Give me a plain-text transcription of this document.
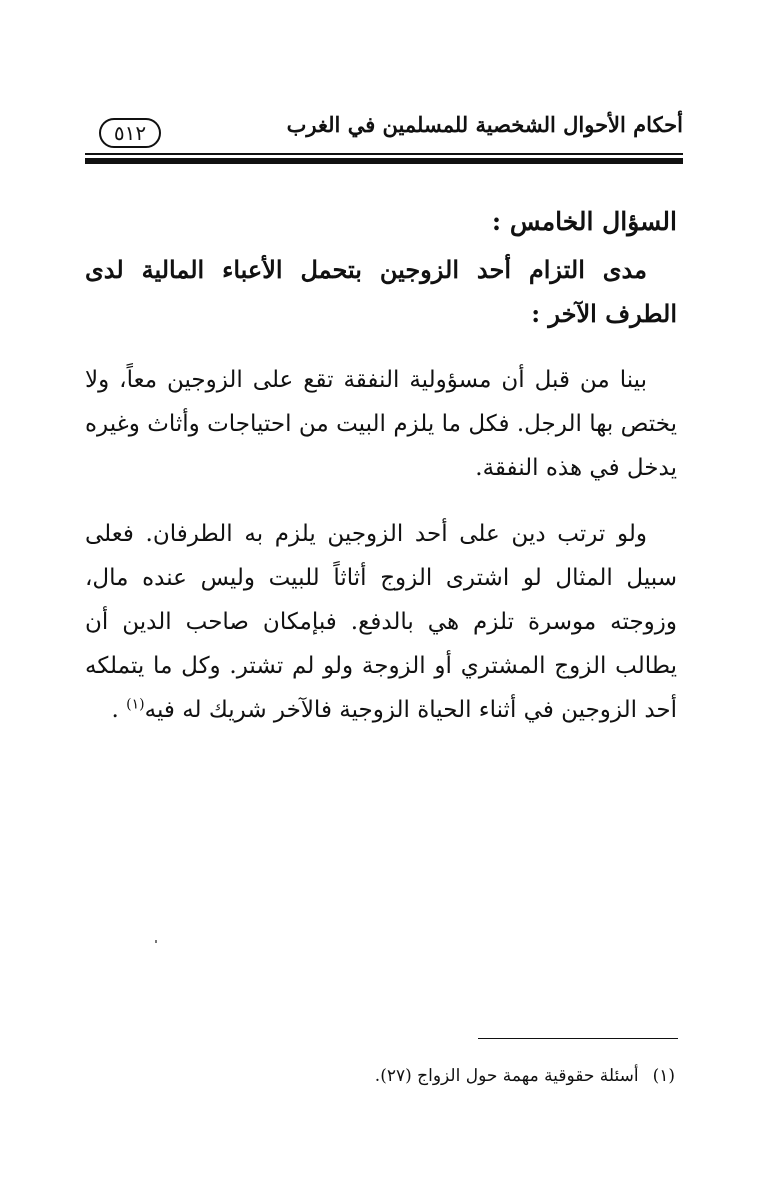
٥١٢	أحكام الأحوال الشخصية للمسلمين في الغرب
السؤال الخامس :
مدى التزام أحد الزوجين بتحمل الأعباء المالية لدى الطرف الآخر :

بينا من قبل أن مسؤولية النفقة تقع على الزوجين معاً، ولا يختص بها الرجل. فكل ما يلزم البيت من احتياجات وأثاث وغيره يدخل في هذه النفقة.

ولو ترتب دين على أحد الزوجين يلزم به الطرفان. فعلى سبيل المثال لو اشترى الزوج أثاثاً للبيت وليس عنده مال، وزوجته موسرة تلزم هي بالدفع. فبإمكان صاحب الدين أن يطالب الزوج المشتري أو الزوجة ولو لم تشتر. وكل ما يتملكه أحد الزوجين في أثناء الحياة الزوجية فالآخر شريك له فيه$^{(١)}$ .

(١)أسئلة حقوقية مهمة حول الزواج (٢٧).
